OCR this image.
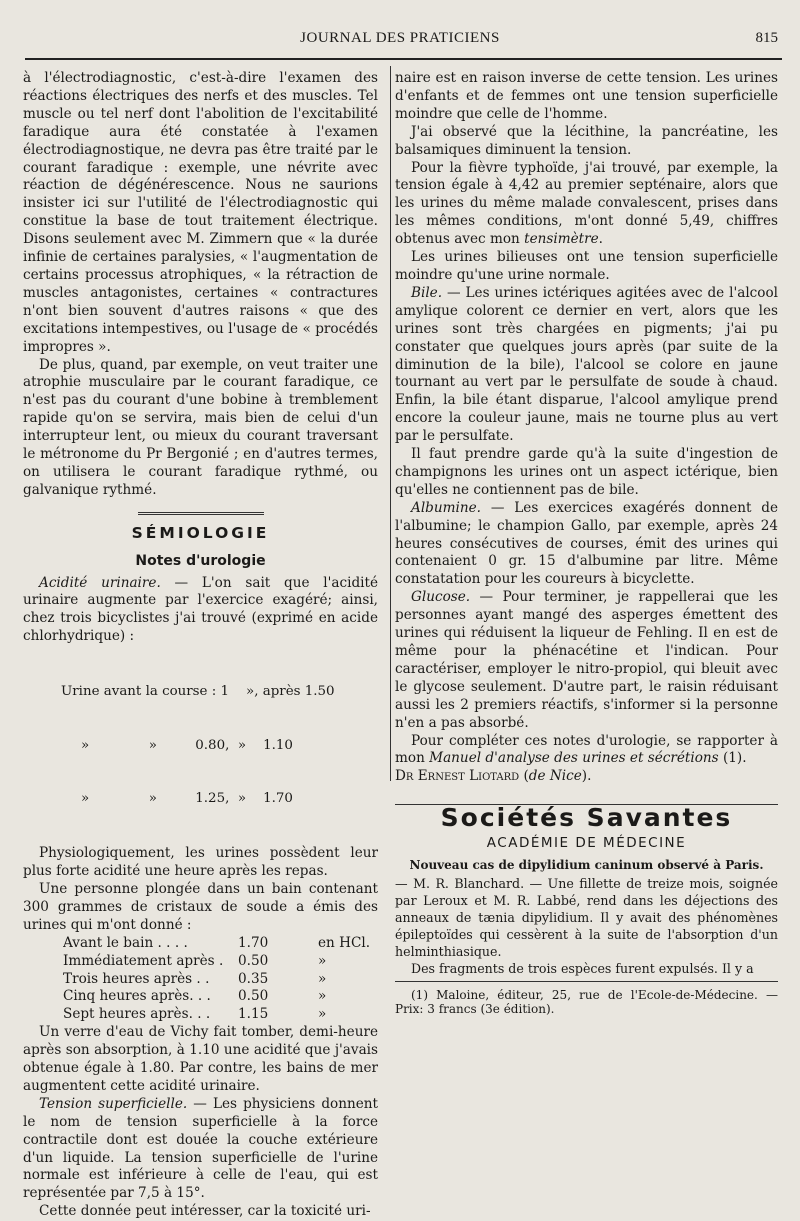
JOURNAL DES PRATICIENS	815

à l'électrodiagnostic, c'est-à-dire l'examen des réactions électriques des nerfs et des muscles. Tel muscle ou tel nerf dont l'abolition de l'excitabilité faradique aura été constatée à l'examen électrodiagnostique, ne devra pas être traité par le courant faradique : exemple, une névrite avec réaction de dégénérescence. Nous ne saurions insister ici sur l'utilité de l'électrodiagnostic qui constitue la base de tout traitement électrique. Disons seulement avec M. Zimmern que « la durée infinie de certaines paralysies, « l'augmentation de certains processus atrophiques, « la rétraction de muscles antagonistes, certaines « contractures n'ont bien souvent d'autres raisons « que des excitations intempestives, ou l'usage de « procédés impropres ».

De plus, quand, par exemple, on veut traiter une atrophie musculaire par le courant faradique, ce n'est pas du courant d'une bobine à tremblement rapide qu'on se servira, mais bien de celui d'un interrupteur lent, ou mieux du courant traversant le métronome du Pr Bergonié ; en d'autres termes, on utilisera le courant faradique rythmé, ou galvanique rythmé.

SÉMIOLOGIE
Notes d'urologie

Acidité urinaire. — L'on sait que l'acidité urinaire augmente par l'exercice exagéré; ainsi, chez trois bicyclistes j'ai trouvé (exprimé en acide chlorhydrique) :

Urine avant la course : 1    », après 1.50

»              »         0.80,  »    1.10

»              »         1.25,  »    1.70

Physiologiquement, les urines possèdent leur plus forte acidité une heure après les repas.

Une personne plongée dans un bain contenant 300 grammes de cristaux de soude a émis des urines qui m'ont donné :

Avant le bain . . . .	1.70	en HCl.
Immédiatement après .	0.50	»
Trois heures après . .	0.35	»
Cinq heures après. . .	0.50	»
Sept heures après. . .	1.15	»

Un verre d'eau de Vichy fait tomber, demi-heure après son absorption, à 1.10 une acidité que j'avais obtenue égale à 1.80. Par contre, les bains de mer augmentent cette acidité urinaire.

Tension superficielle. — Les physiciens donnent le nom de tension superficielle à la force contractile dont est douée la couche extérieure d'un liquide. La tension superficielle de l'urine normale est inférieure à celle de l'eau, qui est représentée par 7,5 à 15°.

Cette donnée peut intéresser, car la toxicité uri-

naire est en raison inverse de cette tension. Les urines d'enfants et de femmes ont une tension superficielle moindre que celle de l'homme.

J'ai observé que la lécithine, la pancréatine, les balsamiques diminuent la tension.

Pour la fièvre typhoïde, j'ai trouvé, par exemple, la tension égale à 4,42 au premier septénaire, alors que les urines du même malade convalescent, prises dans les mêmes conditions, m'ont donné 5,49, chiffres obtenus avec mon tensimètre.

Les urines bilieuses ont une tension superficielle moindre qu'une urine normale.

Bile. — Les urines ictériques agitées avec de l'alcool amylique colorent ce dernier en vert, alors que les urines sont très chargées en pigments; j'ai pu constater que quelques jours après (par suite de la diminution de la bile), l'alcool se colore en jaune tournant au vert par le persulfate de soude à chaud. Enfin, la bile étant disparue, l'alcool amylique prend encore la couleur jaune, mais ne tourne plus au vert par le persulfate.

Il faut prendre garde qu'à la suite d'ingestion de champignons les urines ont un aspect ictérique, bien qu'elles ne contiennent pas de bile.

Albumine. — Les exercices exagérés donnent de l'albumine; le champion Gallo, par exemple, après 24 heures consécutives de courses, émit des urines qui contenaient 0 gr. 15 d'albumine par litre. Même constatation pour les coureurs à bicyclette.

Glucose. — Pour terminer, je rappellerai que les personnes ayant mangé des asperges émettent des urines qui réduisent la liqueur de Fehling. Il en est de même pour la phénacétine et l'indican. Pour caractériser, employer le nitro-propiol, qui bleuit avec le glycose seulement. D'autre part, le raisin réduisant aussi les 2 premiers réactifs, s'informer si la personne n'en a pas absorbé.

Pour compléter ces notes d'urologie, se rapporter à mon Manuel d'analyse des urines et sécrétions (1).

Dr Ernest Liotard (de Nice).

Sociétés Savantes
ACADÉMIE DE MÉDECINE
Nouveau cas de dipylidium caninum observé à Paris.

— M. R. Blanchard. — Une fillette de treize mois, soignée par Leroux et M. R. Labbé, rend dans les déjections des anneaux de tænia dipylidium. Il y avait des phénomènes épileptoïdes qui cessèrent à la suite de l'absorption d'un helminthiasique.

Des fragments de trois espèces furent expulsés. Il y a

(1) Maloine, éditeur, 25, rue de l'Ecole-de-Médecine. — Prix: 3 francs (3e édition).
